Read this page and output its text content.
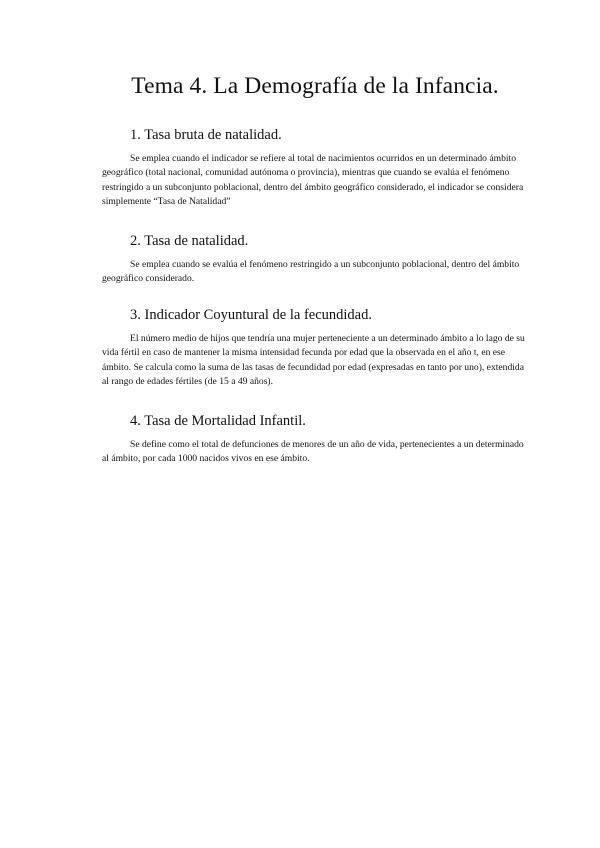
Tema 4. La Demografía de la Infancia.
1. Tasa bruta de natalidad.

Se emplea cuando el indicador se refiere al total de nacimientos ocurridos en un determinado ámbito geográfico (total nacional, comunidad autónoma o provincia), mientras que cuando se evalúa el fenómeno restringido a un subconjunto poblacional, dentro del ámbito geográfico considerado, el indicador se considera simplemente “Tasa de Natalidad”

2. Tasa de natalidad.

Se emplea cuando se evalúa el fenómeno restringido a un subconjunto poblacional, dentro del ámbito geográfico considerado.

3. Indicador Coyuntural de la fecundidad.

El número medio de hijos que tendría una mujer perteneciente a un determinado ámbito a lo lago de su vida fértil en caso de mantener la misma intensidad fecunda por edad que la observada en el año t, en ese ámbito. Se calcula como la suma de las tasas de fecundidad por edad (expresadas en tanto por uno), extendida al rango de edades fértiles (de 15 a 49 años).

4. Tasa de Mortalidad Infantil.

Se define como el total de defunciones de menores de un año de vida, pertenecientes a un determinado al ámbito, por cada 1000 nacidos vivos en ese ámbito.
